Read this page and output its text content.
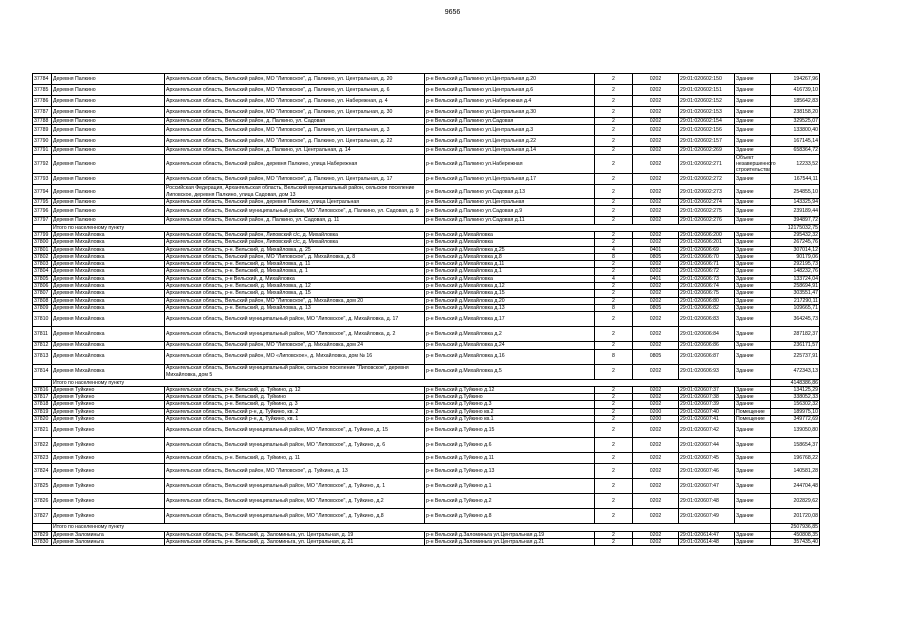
9656
37784	Деревня Палкино	Архангельская область, Вельский район, МО "Липовское", д. Палкино, ул. Центральная, д. 20	р-н Вельский д.Палкино ул.Центральная д.20	2	0202	29:01:020602:150	Здание	194267,96
37785	Деревня Палкино	Архангельская область, Вельский район, МО "Липовское", д. Палкино, ул. Центральная, д. 6	р-н Вельский д.Палкино ул.Центральная д.6	2	0202	29:01:020602:151	Здание	416739,10
37786	Деревня Палкино	Архангельская область, Вельский район, МО "Липовское", д. Палкино, ул. Набережная, д. 4	р-н Вельский д.Палкино ул.Набережная д.4	2	0202	29:01:020602:152	Здание	185642,83
37787	Деревня Палкино	Архангельская область, Вельский район, МО "Липовское", д. Палкино, ул. Центральная, д. 30	р-н Вельский д.Палкино ул.Центральная д.30	2	0202	29:01:020602:153	Здание	238158,20
37788	Деревня Палкино	Архангельская область, Вельский район, д. Палкино, ул. Садовая	р-н Вельский д.Палкино ул.Садовая	2	0202	29:01:020602:154	Здание	329525,07
37789	Деревня Палкино	Архангельская область, Вельский район, МО "Липовское", д. Палкино, ул. Центральная, д. 3	р-н Вельский д.Палкино ул.Центральная д.3	2	0202	29:01:020602:156	Здание	133800,40
37790	Деревня Палкино	Архангельская область, Вельский район, МО "Липовское", д. Палкино, ул. Центральная, д. 22	р-н Вельский д.Палкино ул.Центральная д.22	2	0202	29:01:020602:157	Здание	167145,14
37791	Деревня Палкино	Архангельская область, Вельский район, д. Палкино, ул. Центральная, д. 14	р-н Вельский д.Палкино ул.Центральная д.14	2	0202	29:01:020602:269	Здание	658364,72
37792	Деревня Палкино	Архангельская область, Вельский район, деревня Палкино, улица Набережная	р-н Вельский д.Палкино ул.Набережная	2	0202	29:01:020602:271	Объект незавершенного строительства	12233,52
37793	Деревня Палкино	Архангельская область, Вельский район, МО "Липовское", д. Палкино, ул. Центральная, д. 17	р-н Вельский д.Палкино ул.Центральная д.17	2	0202	29:01:020602:272	Здание	167544,11
37794	Деревня Палкино	Российская Федерация, Архангельская область, Вельский муниципальный район, сельское поселение Липовское, деревня Палкино, улица Садовая, дом 13	р-н Вельский д.Палкино ул.Садовая д.13	2	0202	29:01:020602:273	Здание	254855,10
37795	Деревня Палкино	Архангельская область, Вельский район, деревня Палкино, улица Центральная	р-н Вельский д.Палкино ул.Центральная	2	0202	29:01:020602:274	Здание	143325,94
37796	Деревня Палкино	Архангельская область, Вельский муниципальный район, МО "Липовское", д. Палкино, ул. Садовая, д. 9	р-н Вельский д.Палкино ул.Садовая д.9	2	0202	29:01:020602:275	Здание	239189,44
37797	Деревня Палкино	Архангельская область, Вельский район, д. Палкино, ул. Садовая, д. 11	р-н Вельский д.Палкино ул.Садовая д.11	2	0202	29:01:020602:276	Здание	394897,72
	Итого по населенному пункту							12175032,75
37799	Деревня Михайловка	Архангельская область, Вельский район, Липовский с/с, д. Михайловка	р-н Вельский д.Михайловка	2	0202	29:01:020606:200	Здание	295432,32
37800	Деревня Михайловка	Архангельская область, Вельский район, Липовский с/с, д. Михайловка	р-н Вельский д.Михайловка	2	0202	29:01:020606:201	Здание	267245,76
37801	Деревня Михайловка	Архангельская область, р-н. Вельский, д. Михайловка, д. 25	р-н Вельский д.Михайловка д.25	4	0401	29:01:020606:69	Здание	307014,12
37802	Деревня Михайловка	Архангельская область, Вельский район, МО "Липовское", д. Михайловка, д. 8	р-н Вельский д.Михайловка д.8	8	0805	29:01:020606:70	Здание	90179,06
37803	Деревня Михайловка	Архангельская область, р-н. Вельский, д. Михайловка, д. 11	р-н Вельский д.Михайловка д.11	2	0202	29:01:020606:71	Здание	292195,73
37804	Деревня Михайловка	Архангельская область, р-н. Вельский, д. Михайловка, д. 1	р-н Вельский д.Михайловка д.1	2	0202	29:01:020606:72	Здание	148232,76
37805	Деревня Михайловка	Архангельская область, р-н Вельский, д. Михайловка	р-н Вельский д.Михайловка	4	0401	29:01:020606:73	Здание	133724,04
37806	Деревня Михайловка	Архангельская область, р-н. Вельский, д. Михайловка, д. 12	р-н Вельский д.Михайловка д.12	2	0202	29:01:020606:74	Здание	258694,91
37807	Деревня Михайловка	Архангельская область, р-н. Вельский, д. Михайловка, д. 15	р-н Вельский д.Михайловка д.15	2	0202	29:01:020606:75	Здание	303551,47
37808	Деревня Михайловка	Архангельская область, Вельский район, МО "Липовское", д. Михайловка, дом 20	р-н Вельский д.Михайловка д.20	2	0202	29:01:020606:80	Здание	217290,11
37809	Деревня Михайловка	Архангельская область, р-н. Вельский, д. Михайловка, д. 13	р-н Вельский д.Михайловка д.13	8	0805	29:01:020606:82	Здание	109665,71
37810	Деревня Михайловка	Архангельская область, Вельский муниципальный район, МО "Липовское", д. Михайловка, д. 17	р-н Вельский д.Михайловка д.17	2	0202	29:01:020606:83	Здание	364245,73
37811	Деревня Михайловка	Архангельская область, Вельский муниципальный район, МО "Липовское", д. Михайловка, д. 2	р-н Вельский д.Михайловка д.2	2	0202	29:01:020606:84	Здание	287182,37
37812	Деревня Михайловка	Архангельская область, Вельский район, МО "Липовское", д. Михайловка, дом 24	р-н Вельский д.Михайловка д.24	2	0202	29:01:020606:86	Здание	236171,57
37813	Деревня Михайловка	Архангельская область, Вельский район, МО «Липовское», д. Михайловка, дом № 16	р-н Вельский д.Михайловка д.16	8	0805	29:01:020606:87	Здание	225737,91
37814	Деревня Михайловка	Архангельская область, Вельский муниципальный район, сельское поселение "Липовское", деревня Михайловка, дом 5	р-н Вельский д.Михайловка д.5	2	0202	29:01:020606:93	Здание	472343,13
	Итого по населенному пункту							4148386,86
37816	Деревня Туйкино	Архангельская область, р-н. Вельский, д. Туйкино, д. 12	р-н Вельский д.Туйкино д.12	2	0202	29:01:020607:37	Здание	134125,29
37817	Деревня Туйкино	Архангельская область, р-н. Вельский, д. Туйкино	р-н Вельский д.Туйкино	2	0202	29:01:020607:38	Здание	338052,33
37818	Деревня Туйкино	Архангельская область, р-н. Вельский, д. Туйкино, д. 3	р-н Вельский д.Туйкино д.3	2	0202	29:01:020607:39	Здание	156302,32
37819	Деревня Туйкино	Архангельская область, Вельский р-н, д. Туйкино, кв. 2	р-н Вельский д.Туйкино кв.2	2	0200	29:01:020607:40	Помещение	189975,10
37820	Деревня Туйкино	Архангельская область, Вельский р-н, д. Туйкино, кв. 1	р-н Вельский д.Туйкино кв.1	2	0200	29:01:020607:41	Помещение	349772,69
37821	Деревня Туйкино	Архангельская область, Вельский муниципальный район, МО "Липовское", д. Туйкино, д. 15	р-н Вельский д.Туйкино д.15	2	0202	29:01:020607:42	Здание	139050,80
37822	Деревня Туйкино	Архангельская область, Вельский муниципальный район, МО "Липовское", д. Туйкино, д. 6	р-н Вельский д.Туйкино д.6	2	0202	29:01:020607:44	Здание	158654,37
37823	Деревня Туйкино	Архангельская область, р-н. Вельский, д. Туйкино, д. 11	р-н Вельский д.Туйкино д.11	2	0202	29:01:020607:45	Здание	196768,22
37824	Деревня Туйкино	Архангельская область, Вельский район, МО "Липовское", д. Туйкино, д. 13	р-н Вельский д.Туйкино д.13	2	0202	29:01:020607:46	Здание	140581,28
37825	Деревня Туйкино	Архангельская область, Вельский муниципальный район, МО "Липовское", д. Туйкино, д. 1	р-н Вельский д.Туйкино д.1	2	0202	29:01:020607:47	Здание	244704,48
37826	Деревня Туйкино	Архангельская область, Вельский муниципальный район, МО "Липовское", д. Туйкино, д.2	р-н Вельский д.Туйкино д.2	2	0202	29:01:020607:48	Здание	202829,62
37827	Деревня Туйкино	Архангельская область, Вельский муниципальный район, МО "Липовское", д. Туйкино, д.8	р-н Вельский д.Туйкино д.8	2	0202	29:01:020607:49	Здание	201720,08
	Итого по населенному пункту							2507936,85
37829	Деревня Заломиньга	Архангельская область, р-н. Вельский, д. Заломиньга, ул. Центральная, д. 19	р-н Вельский д.Заломиньга ул.Центральная д.19	2	0202	29:01:020614:47	Здание	450808,35
37830	Деревня Заломиньга	Архангельская область, р-н. Вельский, д. Заломиньга, ул. Центральная, д. 21	р-н Вельский д.Заломиньга ул.Центральная д.21	2	0202	29:01:020614:48	Здание	357435,40
